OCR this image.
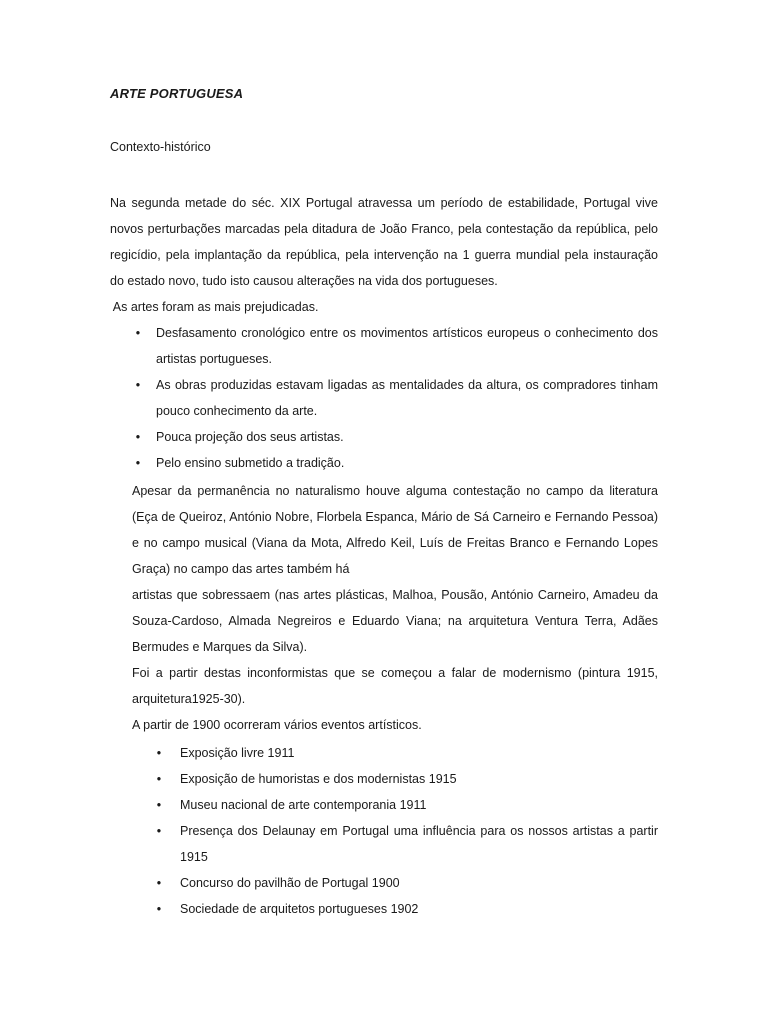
ARTE PORTUGUESA
Contexto-histórico
Na segunda metade do séc. XIX Portugal atravessa um período de estabilidade, Portugal vive
novos perturbações marcadas pela ditadura de João Franco, pela contestação da república, pelo
regicídio, pela implantação da república, pela intervenção na 1 guerra mundial pela instauração
do estado novo, tudo isto causou alterações na vida dos portugueses.
As artes foram as mais prejudicadas.
• Desfasamento cronológico entre os movimentos artísticos europeus o conhecimento dos
artistas portugueses.
• As obras produzidas estavam ligadas as mentalidades da altura, os compradores tinham
pouco conhecimento da arte.
• Pouca projeção dos seus artistas.
• Pelo ensino submetido a tradição.
Apesar da permanência no naturalismo houve alguma contestação no campo da literatura
(Eça de Queiroz, António Nobre, Florbela Espanca, Mário de Sá Carneiro e Fernando Pessoa)
e no campo musical (Viana da Mota, Alfredo Keil, Luís de Freitas Branco e Fernando Lopes
Graça) no campo das artes também há
artistas que sobressaem (nas artes plásticas, Malhoa, Pousão, António Carneiro, Amadeu da
Souza-Cardoso, Almada Negreiros e Eduardo Viana; na arquitetura Ventura Terra, Adães
Bermudes e Marques da Silva).
Foi a partir destas inconformistas que se começou a falar de modernismo (pintura 1915,
arquitetura1925-30).
A partir de 1900 ocorreram vários eventos artísticos.
• Exposição livre 1911
• Exposição de humoristas e dos modernistas 1915
• Museu nacional de arte contemporania 1911
• Presença dos Delaunay em Portugal uma influência para os nossos artistas a partir
1915
• Concurso do pavilhão de Portugal 1900
• Sociedade de arquitetos portugueses 1902
